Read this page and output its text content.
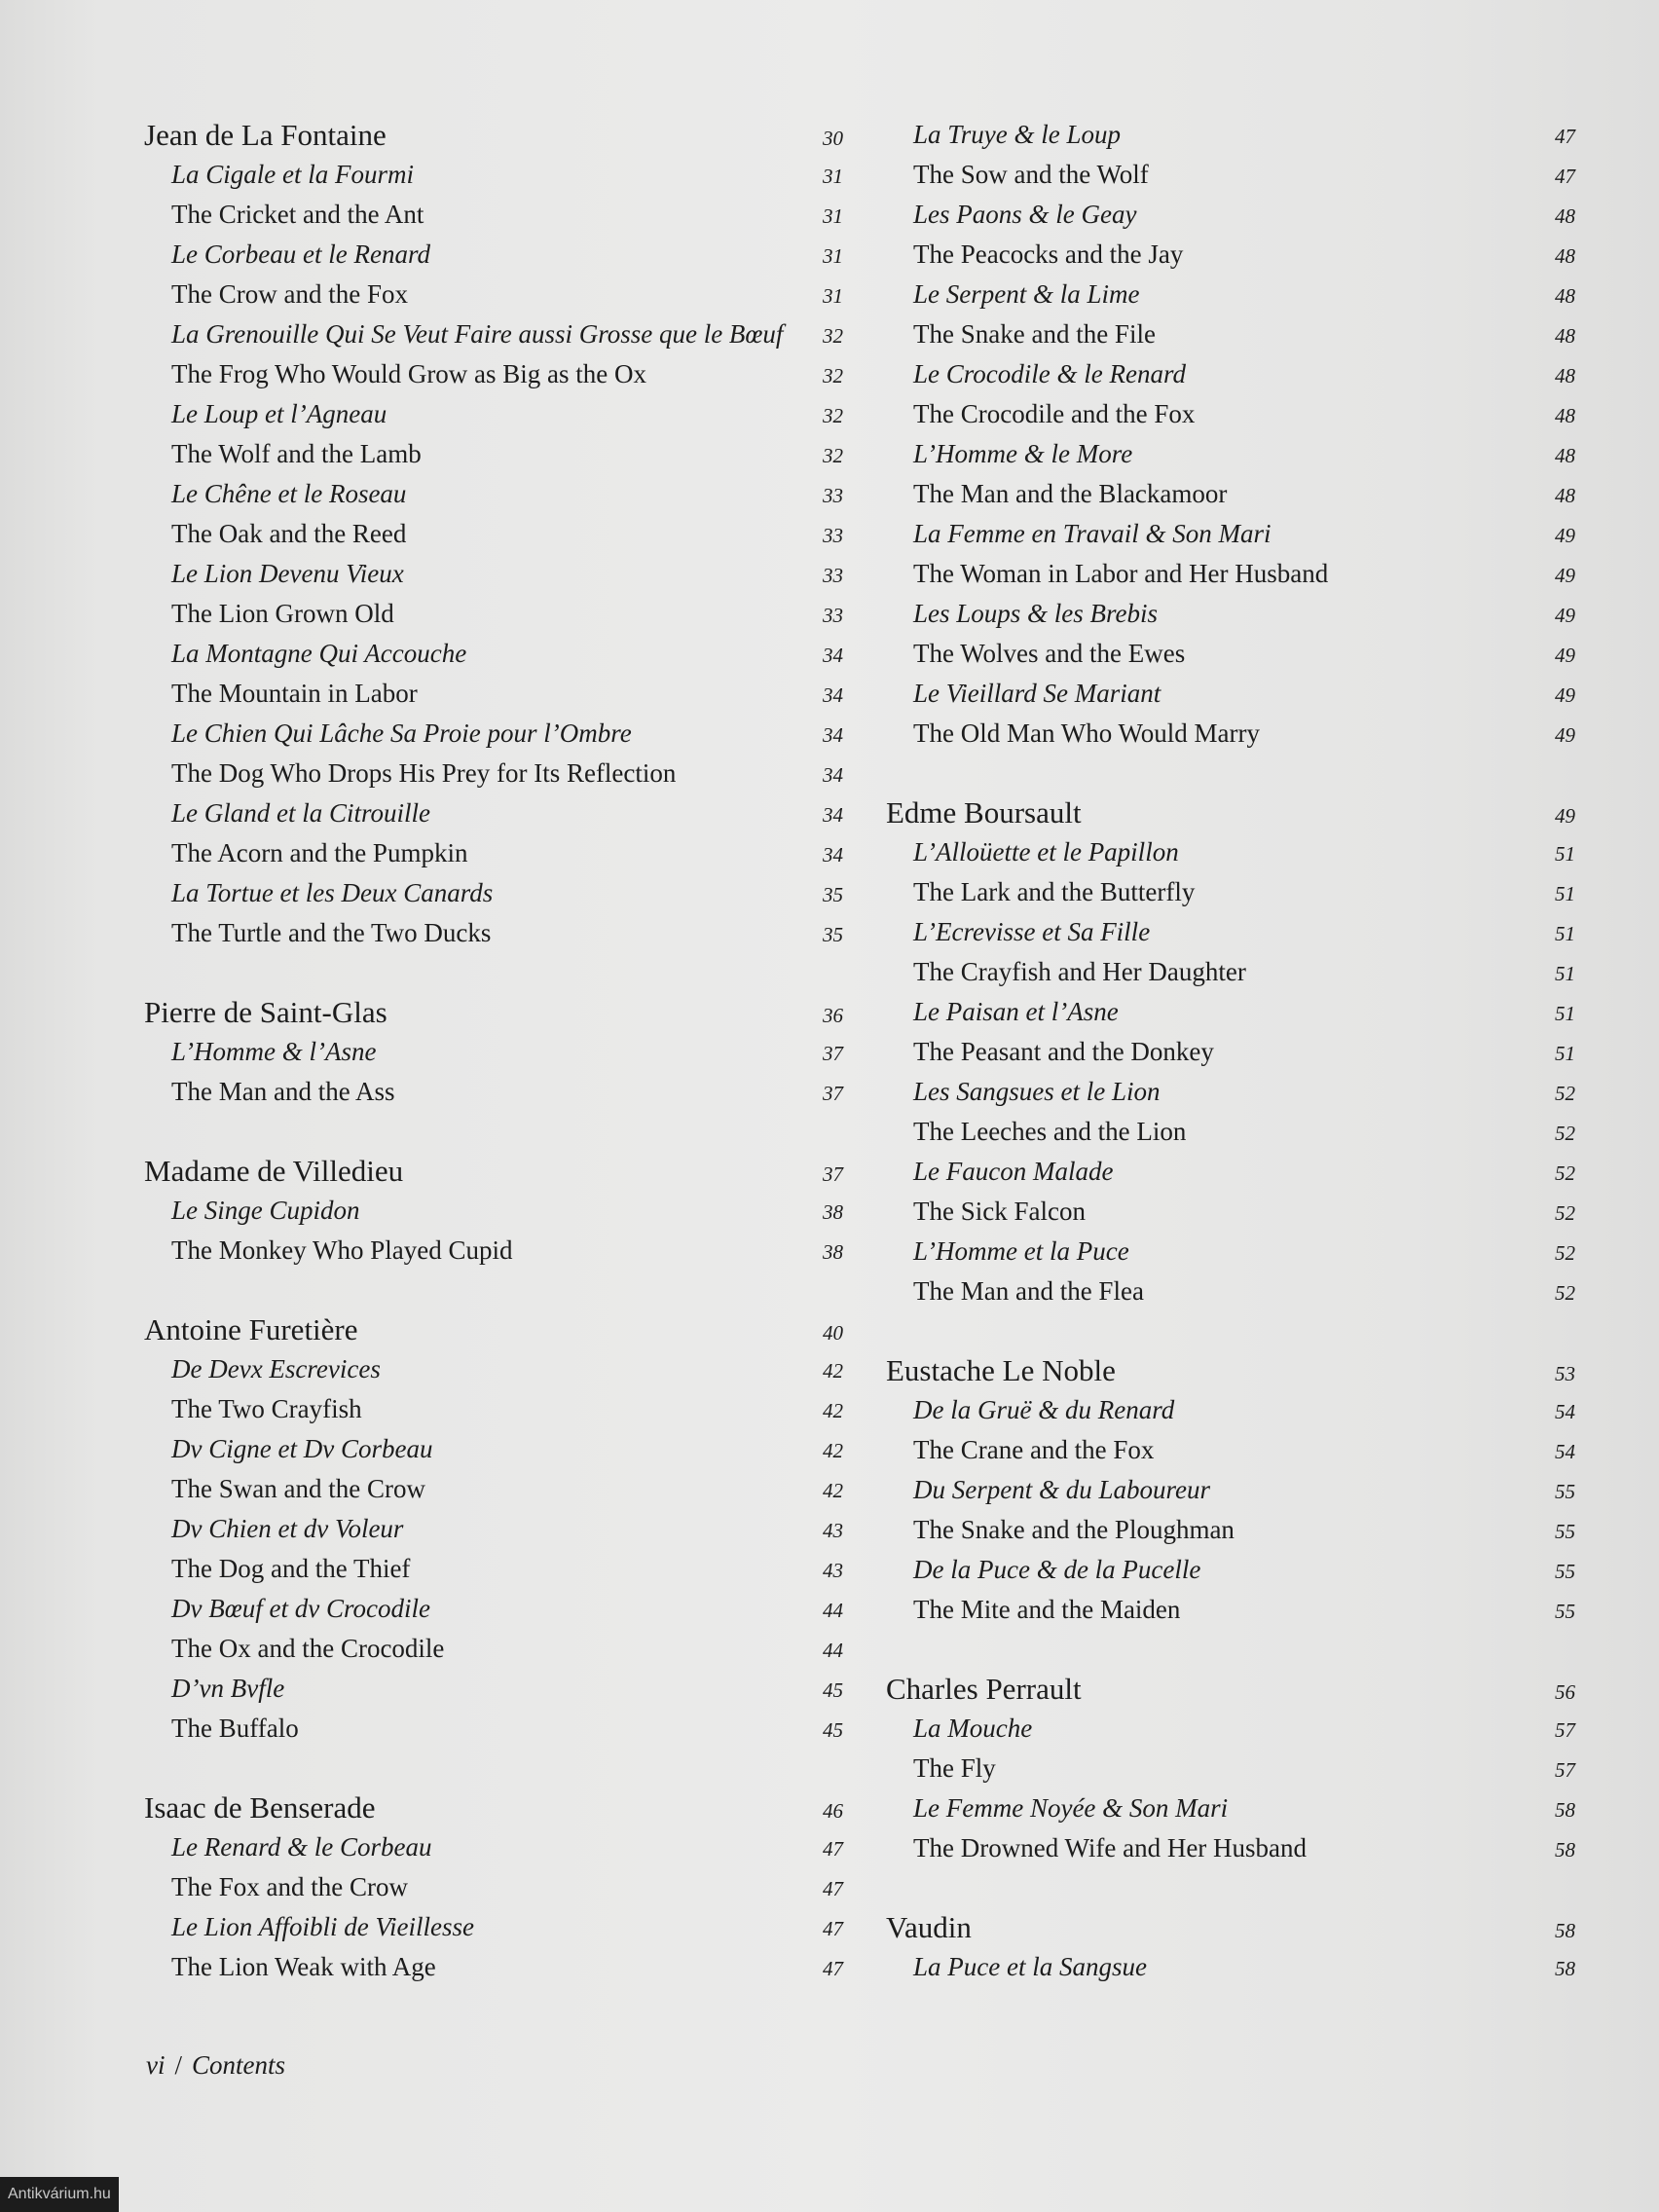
Jean de La Fontaine	30
La Cigale et la Fourmi	31
The Cricket and the Ant	31
Le Corbeau et le Renard	31
The Crow and the Fox	31
La Grenouille Qui Se Veut Faire aussi Grosse que le Bœuf 32
The Frog Who Would Grow as Big as the Ox	32
Le Loup et l’Agneau	32
The Wolf and the Lamb	32
Le Chêne et le Roseau	33
The Oak and the Reed	33
Le Lion Devenu Vieux	33
The Lion Grown Old	33
La Montagne Qui Accouche	34
The Mountain in Labor	34
Le Chien Qui Lâche Sa Proie pour l’Ombre	34
The Dog Who Drops His Prey for Its Reflection	34
Le Gland et la Citrouille	34
The Acorn and the Pumpkin	34
La Tortue et les Deux Canards	35
The Turtle and the Two Ducks	35
Pierre de Saint-Glas	36
L’Homme & l’Asne	37
The Man and the Ass	37
Madame de Villedieu	37
Le Singe Cupidon	38
The Monkey Who Played Cupid	38
Antoine Furetière	40
De Devx Escrevices	42
The Two Crayfish	42
Dv Cigne et Dv Corbeau	42
The Swan and the Crow	42
Dv Chien et dv Voleur	43
The Dog and the Thief	43
Dv Bœuf et dv Crocodile	44
The Ox and the Crocodile	44
D’vn Bvfle	45
The Buffalo	45
Isaac de Benserade	46
Le Renard & le Corbeau	47
The Fox and the Crow	47
Le Lion Affoibli de Vieillesse	47
The Lion Weak with Age	47
La Truye & le Loup	47
The Sow and the Wolf	47
Les Paons & le Geay	48
The Peacocks and the Jay	48
Le Serpent & la Lime	48
The Snake and the File	48
Le Crocodile & le Renard	48
The Crocodile and the Fox	48
L’Homme & le More	48
The Man and the Blackamoor	48
La Femme en Travail & Son Mari	49
The Woman in Labor and Her Husband	49
Les Loups & les Brebis	49
The Wolves and the Ewes	49
Le Vieillard Se Mariant	49
The Old Man Who Would Marry	49
Edme Boursault	49
L’Alloüette et le Papillon	51
The Lark and the Butterfly	51
L’Ecrevisse et Sa Fille	51
The Crayfish and Her Daughter	51
Le Paisan et l’Asne	51
The Peasant and the Donkey	51
Les Sangsues et le Lion	52
The Leeches and the Lion	52
Le Faucon Malade	52
The Sick Falcon	52
L’Homme et la Puce	52
The Man and the Flea	52
Eustache Le Noble	53
De la Gruë & du Renard	54
The Crane and the Fox	54
Du Serpent & du Laboureur	55
The Snake and the Ploughman	55
De la Puce & de la Pucelle	55
The Mite and the Maiden	55
Charles Perrault	56
La Mouche	57
The Fly	57
Le Femme Noyée & Son Mari	58
The Drowned Wife and Her Husband	58
Vaudin	58
La Puce et la Sangsue	58
vi / Contents
Antikvárium.hu
